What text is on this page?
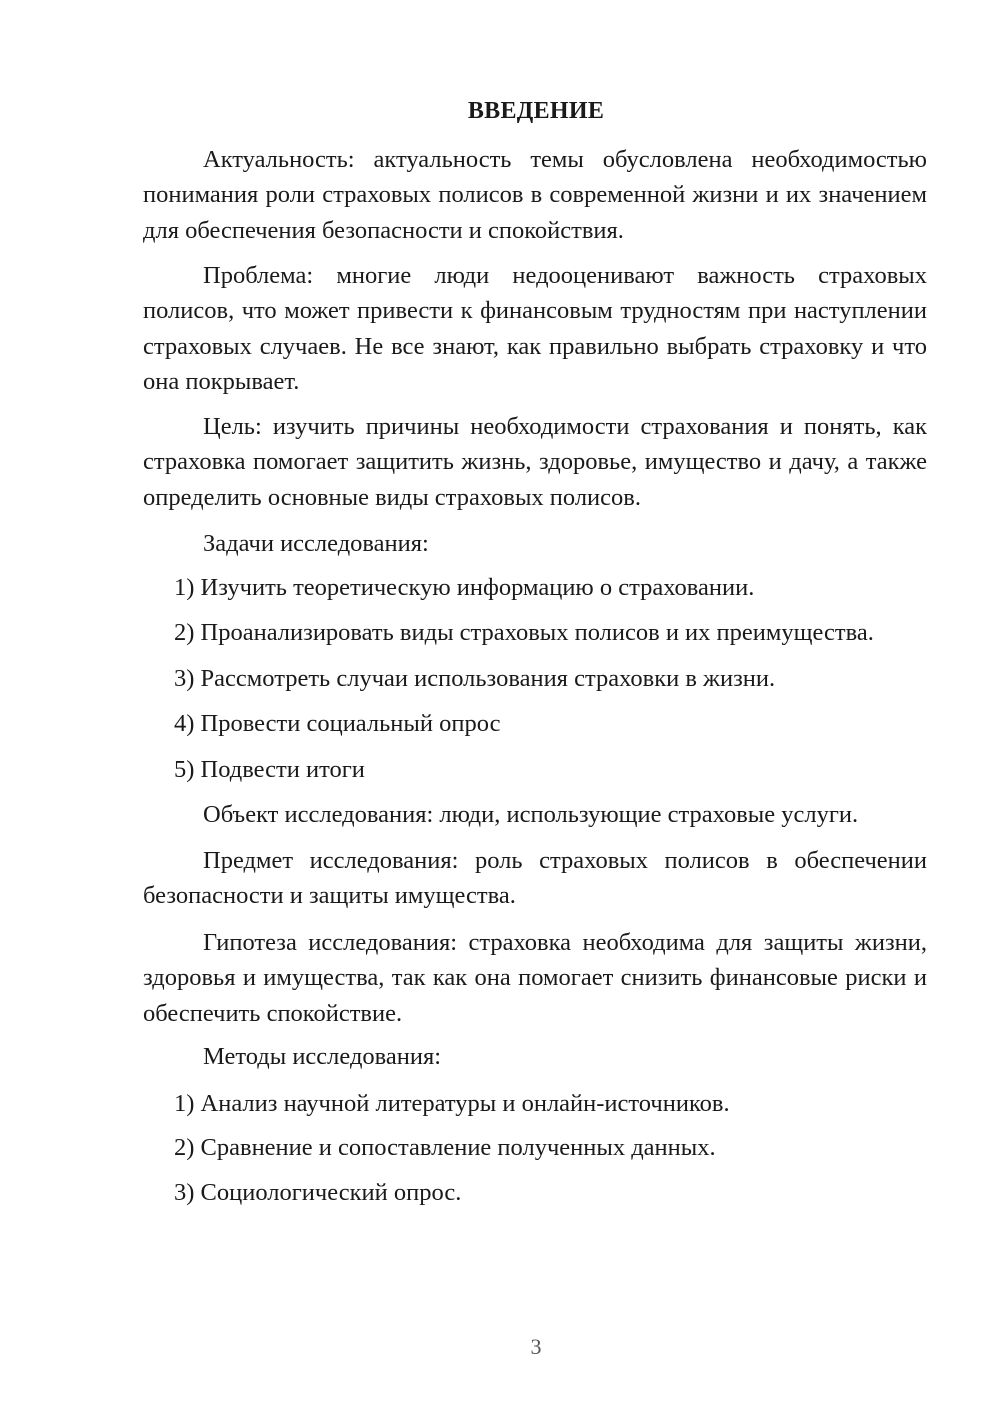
ВВЕДЕНИЕ

Актуальность: актуальность темы обусловлена необходимостью понимания роли страховых полисов в современной жизни и их значением для обеспечения безопасности и спокойствия.

Проблема: многие люди недооценивают важность страховых полисов, что может привести к финансовым трудностям при наступлении страховых случаев. Не все знают, как правильно выбрать страховку и что она покрывает.

Цель: изучить причины необходимости страхования и понять, как страховка помогает защитить жизнь, здоровье, имущество и дачу, а также определить основные виды страховых полисов.

Задачи исследования:

1) Изучить теоретическую информацию о страховании.

2) Проанализировать виды страховых полисов и их преимущества.

3) Рассмотреть случаи использования страховки в жизни.

4) Провести социальный опрос

5) Подвести итоги

Объект исследования: люди, использующие страховые услуги.

Предмет исследования: роль страховых полисов в обеспечении безопасности и защиты имущества.

Гипотеза исследования: страховка необходима для защиты жизни, здоровья и имущества, так как она помогает снизить финансовые риски и обеспечить спокойствие.

Методы исследования:

1) Анализ научной литературы и онлайн-источников.

2) Сравнение и сопоставление полученных данных.

3) Социологический опрос.

3
